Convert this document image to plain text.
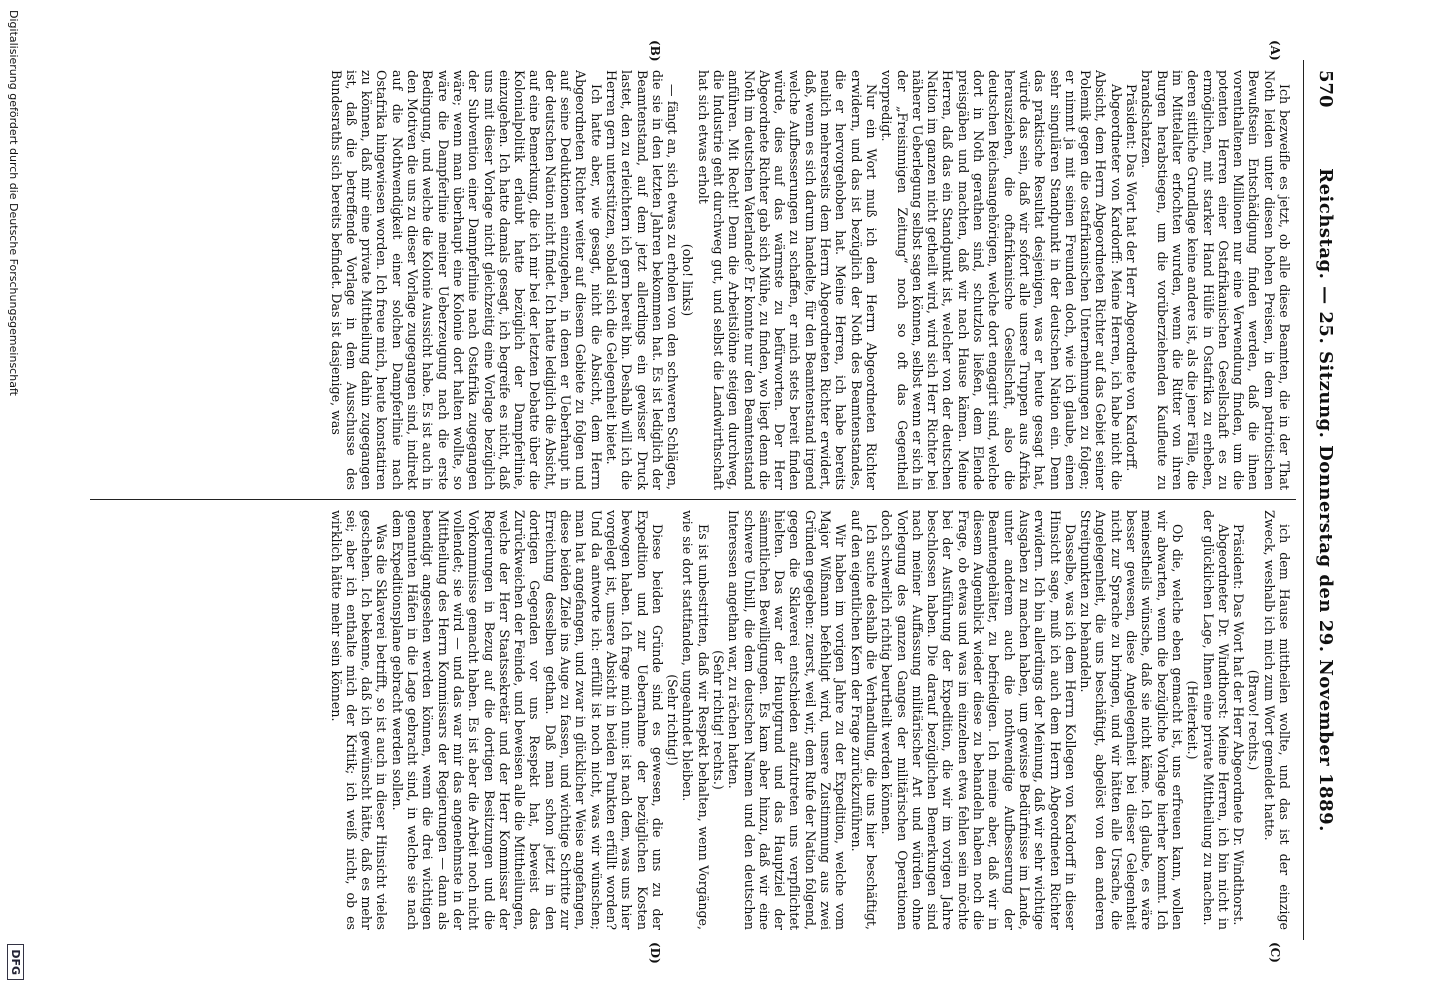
570
Reichstag. — 25. Sitzung. Donnerstag den 29. November 1889.
(A)
(B)
(C)
(D)

Ich bezweifle es jetzt, ob alle diese Beamten, die in der That Noth leiden unter diesen hohen Preisen, in dem patriotischen Bewußtsein Entschädigung finden werden, daß die ihnen vorenthaltenen Millionen nur eine Verwendung finden, um die potenten Herren einer Ostafrikanischen Gesellschaft es zu ermöglichen, mit starker Hand Hülfe in Ostafrika zu erheben, deren sittliche Grundlage keine andere ist, als die jener Fälle, die im Mittelalter erfochten wurden, wenn die Ritter von ihren Burgen herabstiegen, um die vorüberziehenden Kaufleute zu brandschatzen.

Präsident: Das Wort hat der Herr Abgeordnete von Kardorff.

Abgeordneter von Kardorff: Meine Herren, ich habe nicht die Absicht, dem Herrn Abgeordneten Richter auf das Gebiet seiner Polemik gegen die ostafrikanischen Unternehmungen zu folgen; er nimmt ja mit seinen Freunden doch, wie ich glaube, einen sehr singulären Standpunkt in der deutschen Nation ein. Denn das praktische Resultat desjenigen, was er heute gesagt hat, würde das sein, daß wir sofort alle unsere Truppen aus Afrika herausziehen, die oftafrikanische Gesellschaft, also die deutschen Reichsangehörigen, welche dort engagirt sind, welche dort in Noth gerathen sind, schutzlos ließen, dem Elende preisgäben und machten, daß wir nach Hause kämen. Meine Herren, daß das ein Standpunkt ist, welcher von der deutschen Nation im ganzen nicht getheilt wird, wird sich Herr Richter bei näherer Ueberlegung selbst sagen können, selbst wenn er sich in der „Freisinnigen Zeitung“ noch so oft das Gegentheil vorpredigt.

Nur ein Wort muß ich dem Herrn Abgeordneten Richter erwidern, und das ist bezüglich der Noth des Beamtenstandes, die er hervorgehoben hat. Meine Herren, ich habe bereits neulich mehrerseits dem Herrn Abgeordneten Richter erwidert, daß, wenn es sich darum handelte, für den Beamtenstand irgend welche Aufbesserungen zu schaffen, er mich stets bereit finden würde, dies auf das wärmste zu befürworten. Der Herr Abgeordnete Richter gab sich Mühe, zu finden, wo liegt denn die Noth im deutschen Vaterlande? Er konnte nur den Beamtenstand anführen. Mit Recht! Denn die Arbeitslöhne steigen durchweg, die Industrie geht durchweg gut, und selbst die Landwirthschaft hat sich etwas erholt

(oho! links)

— fängt an, sich etwas zu erholen von den schweren Schlägen, die sie in den letzten Jahren bekommen hat. Es ist lediglich der Beamtenstand, auf dem jetzt allerdings ein gewisser Druck lastet, den zu erleichtern ich gern bereit bin. Deshalb will ich die Herren gern unterstützen, sobald sich die Gelegenheit bietet.

Ich hatte aber, wie gesagt, nicht die Absicht, dem Herrn Abgeordneten Richter weiter auf diesem Gebiete zu folgen und auf seine Deduktionen einzugehen, in denen er Ueberhaupt in der deutschen Nation nicht findet. Ich hatte lediglich die Absicht, auf eine Bemerkung, die ich mir bei der letzten Debatte über die Kolonialpolitik erlaubt hatte bezüglich der Dampferlinie, einzugehen. Ich hatte damals gesagt, ich begreife es nicht, daß uns mit dieser Vorlage nicht gleichzeitig eine Vorlage bezüglich der Subvention einer Dampferlinie nach Ostafrika zugegangen wäre; wenn man überhaupt eine Kolonie dort halten wollte, so wäre die Dampferlinie meiner Ueberzeugung nach die erste Bedingung, und welche die Kolonie Aussicht habe. Es ist auch in den Motiven die uns zu dieser Vorlage zugegangen sind, indirekt auf die Nothwendigkeit einer solchen Dampferlinie nach Ostafrika hingewiesen worden. Ich freue mich, heute konstatiren zu können, daß mir eine private Mittheilung dahin zugegangen ist, daß die betreffende Vorlage in dem Ausschusse des Bundesraths sich bereits befindet. Das ist dasjenige, was

ich dem Hause mittheilen wollte, und das ist der einzige Zweck, weshalb ich mich zum Wort gemeldet hatte.

(Bravo! rechts.)

Präsident: Das Wort hat der Herr Abgeordnete Dr. Windthorst.

Abgeordneter Dr. Windthorst: Meine Herren, ich bin nicht in der glücklichen Lage, Ihnen eine private Mittheilung zu machen.

(Heiterkeit.)

Ob die, welche eben gemacht ist, uns erfreuen kann, wollen wir abwarten, wenn die bezügliche Vorlage hierher kommt. Ich meinestheils wünsche, daß sie nicht käme. Ich glaube, es wäre besser gewesen, diese Angelegenheit bei dieser Gelegenheit nicht zur Sprache zu bringen, und wir hätten alle Ursache, die Angelegenheit, die uns beschäftigt, abgelöst von den anderen Streitpunkten zu behandeln.

Dasselbe, was ich dem Herrn Kollegen von Kardorff in dieser Hinsicht sage, muß ich auch dem Herrn Abgeordneten Richter erwidern. Ich bin allerdings der Meinung, daß wir sehr wichtige Ausgaben zu machen haben, um gewisse Bedürfnisse im Lande, unter anderem auch die nothwendige Aufbesserung der Beamtengehälter, zu befriedigen. Ich meine aber, daß wir in diesem Augenblick wieder diese zu behandeln haben noch die Frage, ob etwas und was im einzelnen etwa fehlen sein möchte bei der Ausführung der Expedition, die wir im vorigen Jahre beschlossen haben. Die darauf bezüglichen Bemerkungen sind nach meiner Auffassung militärischer Art und würden ohne Vorlegung des ganzen Ganges der militärischen Operationen doch schwerlich richtig beurtheilt werden können.

Ich suche deshalb die Verhandlung, die uns hier beschäftigt, auf den eigentlichen Kern der Frage zurückzuführen.

Wir haben im vorigen Jahre zu der Expedition, welche vom Major Wißmann befehligt wird, unsere Zustimmung aus zwei Gründen gegeben: zuerst, weil wir, dem Rufe der Nation folgend, gegen die Sklaverei entschieden aufzutreten uns verpflichtet hielten. Das war der Hauptgrund und das Hauptziel der sämmtlichen Bewilligungen. Es kam aber hinzu, daß wir eine schwere Unbill, die dem deutschen Namen und den deutschen Interessen angethan war, zu rächen hatten.

(Sehr richtig! rechts.)

Es ist unbestritten, daß wir Respekt behalten, wenn Vorgänge, wie sie dort stattfanden, ungeahndet bleiben.

(Sehr richtig!)

Diese beiden Gründe sind es gewesen, die uns zu der Expedition und zur Uebernahme der bezüglichen Kosten bewogen haben. Ich frage mich nun: ist nach dem, was uns hier vorgelegt ist, unsere Absicht in beiden Punkten erfüllt worden? Und da antworte ich: erfüllt ist noch nicht, was wir wünschen; man hat angefangen, und zwar in glücklicher Weise angefangen, diese beiden Ziele ins Auge zu fassen, und wichtige Schritte zur Erreichung desselben gethan. Daß man schon jetzt in den dortigen Gegenden vor uns Respekt hat, beweist das Zurückweichen der Feinde, und beweisen alle die Mittheilungen, welche der Herr Staatssekretär und der Herr Kommissar der Regierungen in Bezug auf die dortigen Besitzungen und die Vorkommnisse gemacht haben. Es ist aber die Arbeit noch nicht vollendet; sie wird — und das war mir das angenehmste in der Mittheilung des Herrn Kommissars der Regierungen — dann als beendigt angesehen werden können, wenn die drei wichtigen genannten Häfen in die Lage gebracht sind, in welche sie nach dem Expeditionsplane gebracht werden sollen.

Was die Sklaverei betrifft, so ist auch in dieser Hinsicht vieles geschehen. Ich bekenne, daß ich gewünscht hätte, daß es mehr sei; aber ich enthalte mich der Kritik; ich weiß nicht, ob es wirklich hätte mehr sein können.

Digitalisierung gefördert durch die Deutsche Forschungsgemeinschaft
DFG
